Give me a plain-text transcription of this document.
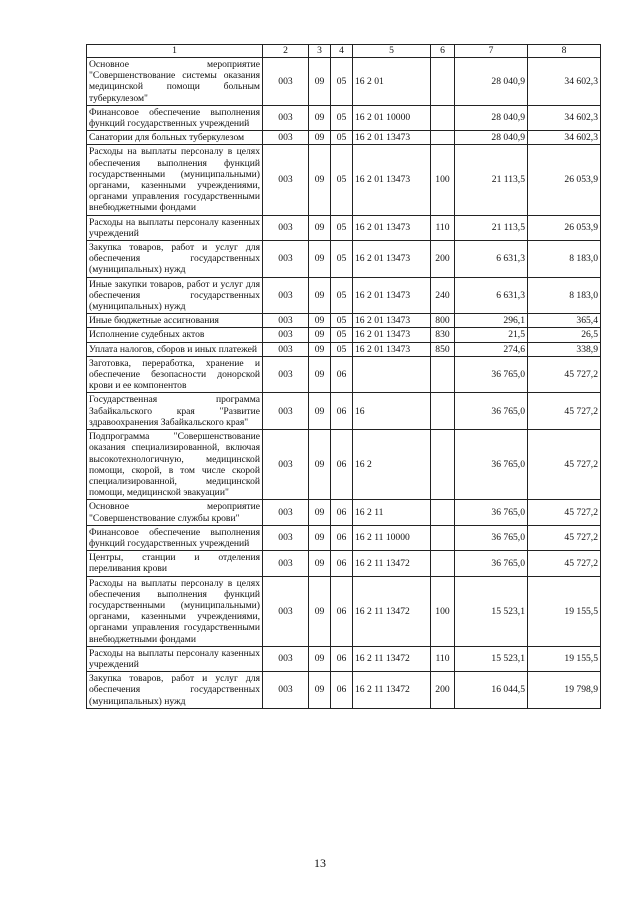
1	2	3	4	5	6	7	8
Основное мероприятие "Совершенствование системы оказания медицинской помощи больным туберкулезом"	003	09	05	16 2 01		28 040,9	34 602,3
Финансовое обеспечение выполнения функций государственных учреждений	003	09	05	16 2 01 10000		28 040,9	34 602,3
Санатории для больных туберкулезом	003	09	05	16 2 01 13473		28 040,9	34 602,3
Расходы на выплаты персоналу в целях обеспечения выполнения функций государственными (муниципальными) органами, казенными учреждениями, органами управления государственными внебюджетными фондами	003	09	05	16 2 01 13473	100	21 113,5	26 053,9
Расходы на выплаты персоналу казенных учреждений	003	09	05	16 2 01 13473	110	21 113,5	26 053,9
Закупка товаров, работ и услуг для обеспечения государственных (муниципальных) нужд	003	09	05	16 2 01 13473	200	6 631,3	8 183,0
Иные закупки товаров, работ и услуг для обеспечения государственных (муниципальных) нужд	003	09	05	16 2 01 13473	240	6 631,3	8 183,0
Иные бюджетные ассигнования	003	09	05	16 2 01 13473	800	296,1	365,4
Исполнение судебных актов	003	09	05	16 2 01 13473	830	21,5	26,5
Уплата налогов, сборов и иных платежей	003	09	05	16 2 01 13473	850	274,6	338,9
Заготовка, переработка, хранение и обеспечение безопасности донорской крови и ее компонентов	003	09	06			36 765,0	45 727,2
Государственная программа Забайкальского края "Развитие здравоохранения Забайкальского края"	003	09	06	16		36 765,0	45 727,2
Подпрограмма "Совершенствование оказания специализированной, включая высокотехнологичную, медицинской помощи, скорой, в том числе скорой специализированной, медицинской помощи, медицинской эвакуации"	003	09	06	16 2		36 765,0	45 727,2
Основное мероприятие "Совершенствование службы крови"	003	09	06	16 2 11		36 765,0	45 727,2
Финансовое обеспечение выполнения функций государственных учреждений	003	09	06	16 2 11 10000		36 765,0	45 727,2
Центры, станции и отделения переливания крови	003	09	06	16 2 11 13472		36 765,0	45 727,2
Расходы на выплаты персоналу в целях обеспечения выполнения функций государственными (муниципальными) органами, казенными учреждениями, органами управления государственными внебюджетными фондами	003	09	06	16 2 11 13472	100	15 523,1	19 155,5
Расходы на выплаты персоналу казенных учреждений	003	09	06	16 2 11 13472	110	15 523,1	19 155,5
Закупка товаров, работ и услуг для обеспечения государственных (муниципальных) нужд	003	09	06	16 2 11 13472	200	16 044,5	19 798,9
13
